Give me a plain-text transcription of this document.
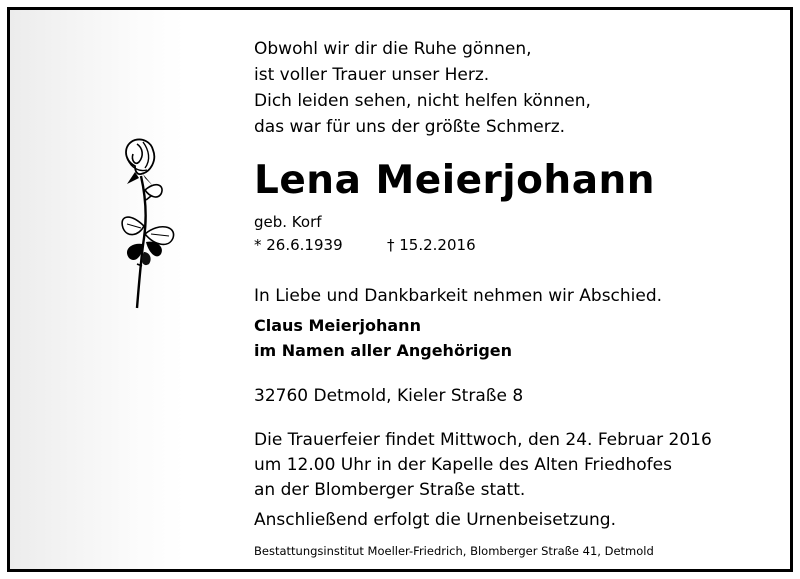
Obwohl wir dir die Ruhe gönnen,
ist voller Trauer unser Herz.
Dich leiden sehen, nicht helfen können,
das war für uns der größte Schmerz.
Lena Meierjohann
geb. Korf
* 26.6.1939	† 15.2.2016
In Liebe und Dankbarkeit nehmen wir Abschied.
Claus Meierjohann
im Namen aller Angehörigen
32760 Detmold, Kieler Straße 8
Die Trauerfeier findet Mittwoch, den 24. Februar 2016
um 12.00 Uhr in der Kapelle des Alten Friedhofes
an der Blomberger Straße statt.
Anschließend erfolgt die Urnenbeisetzung.
Bestattungsinstitut Moeller-Friedrich, Blomberger Straße 41, Detmold
